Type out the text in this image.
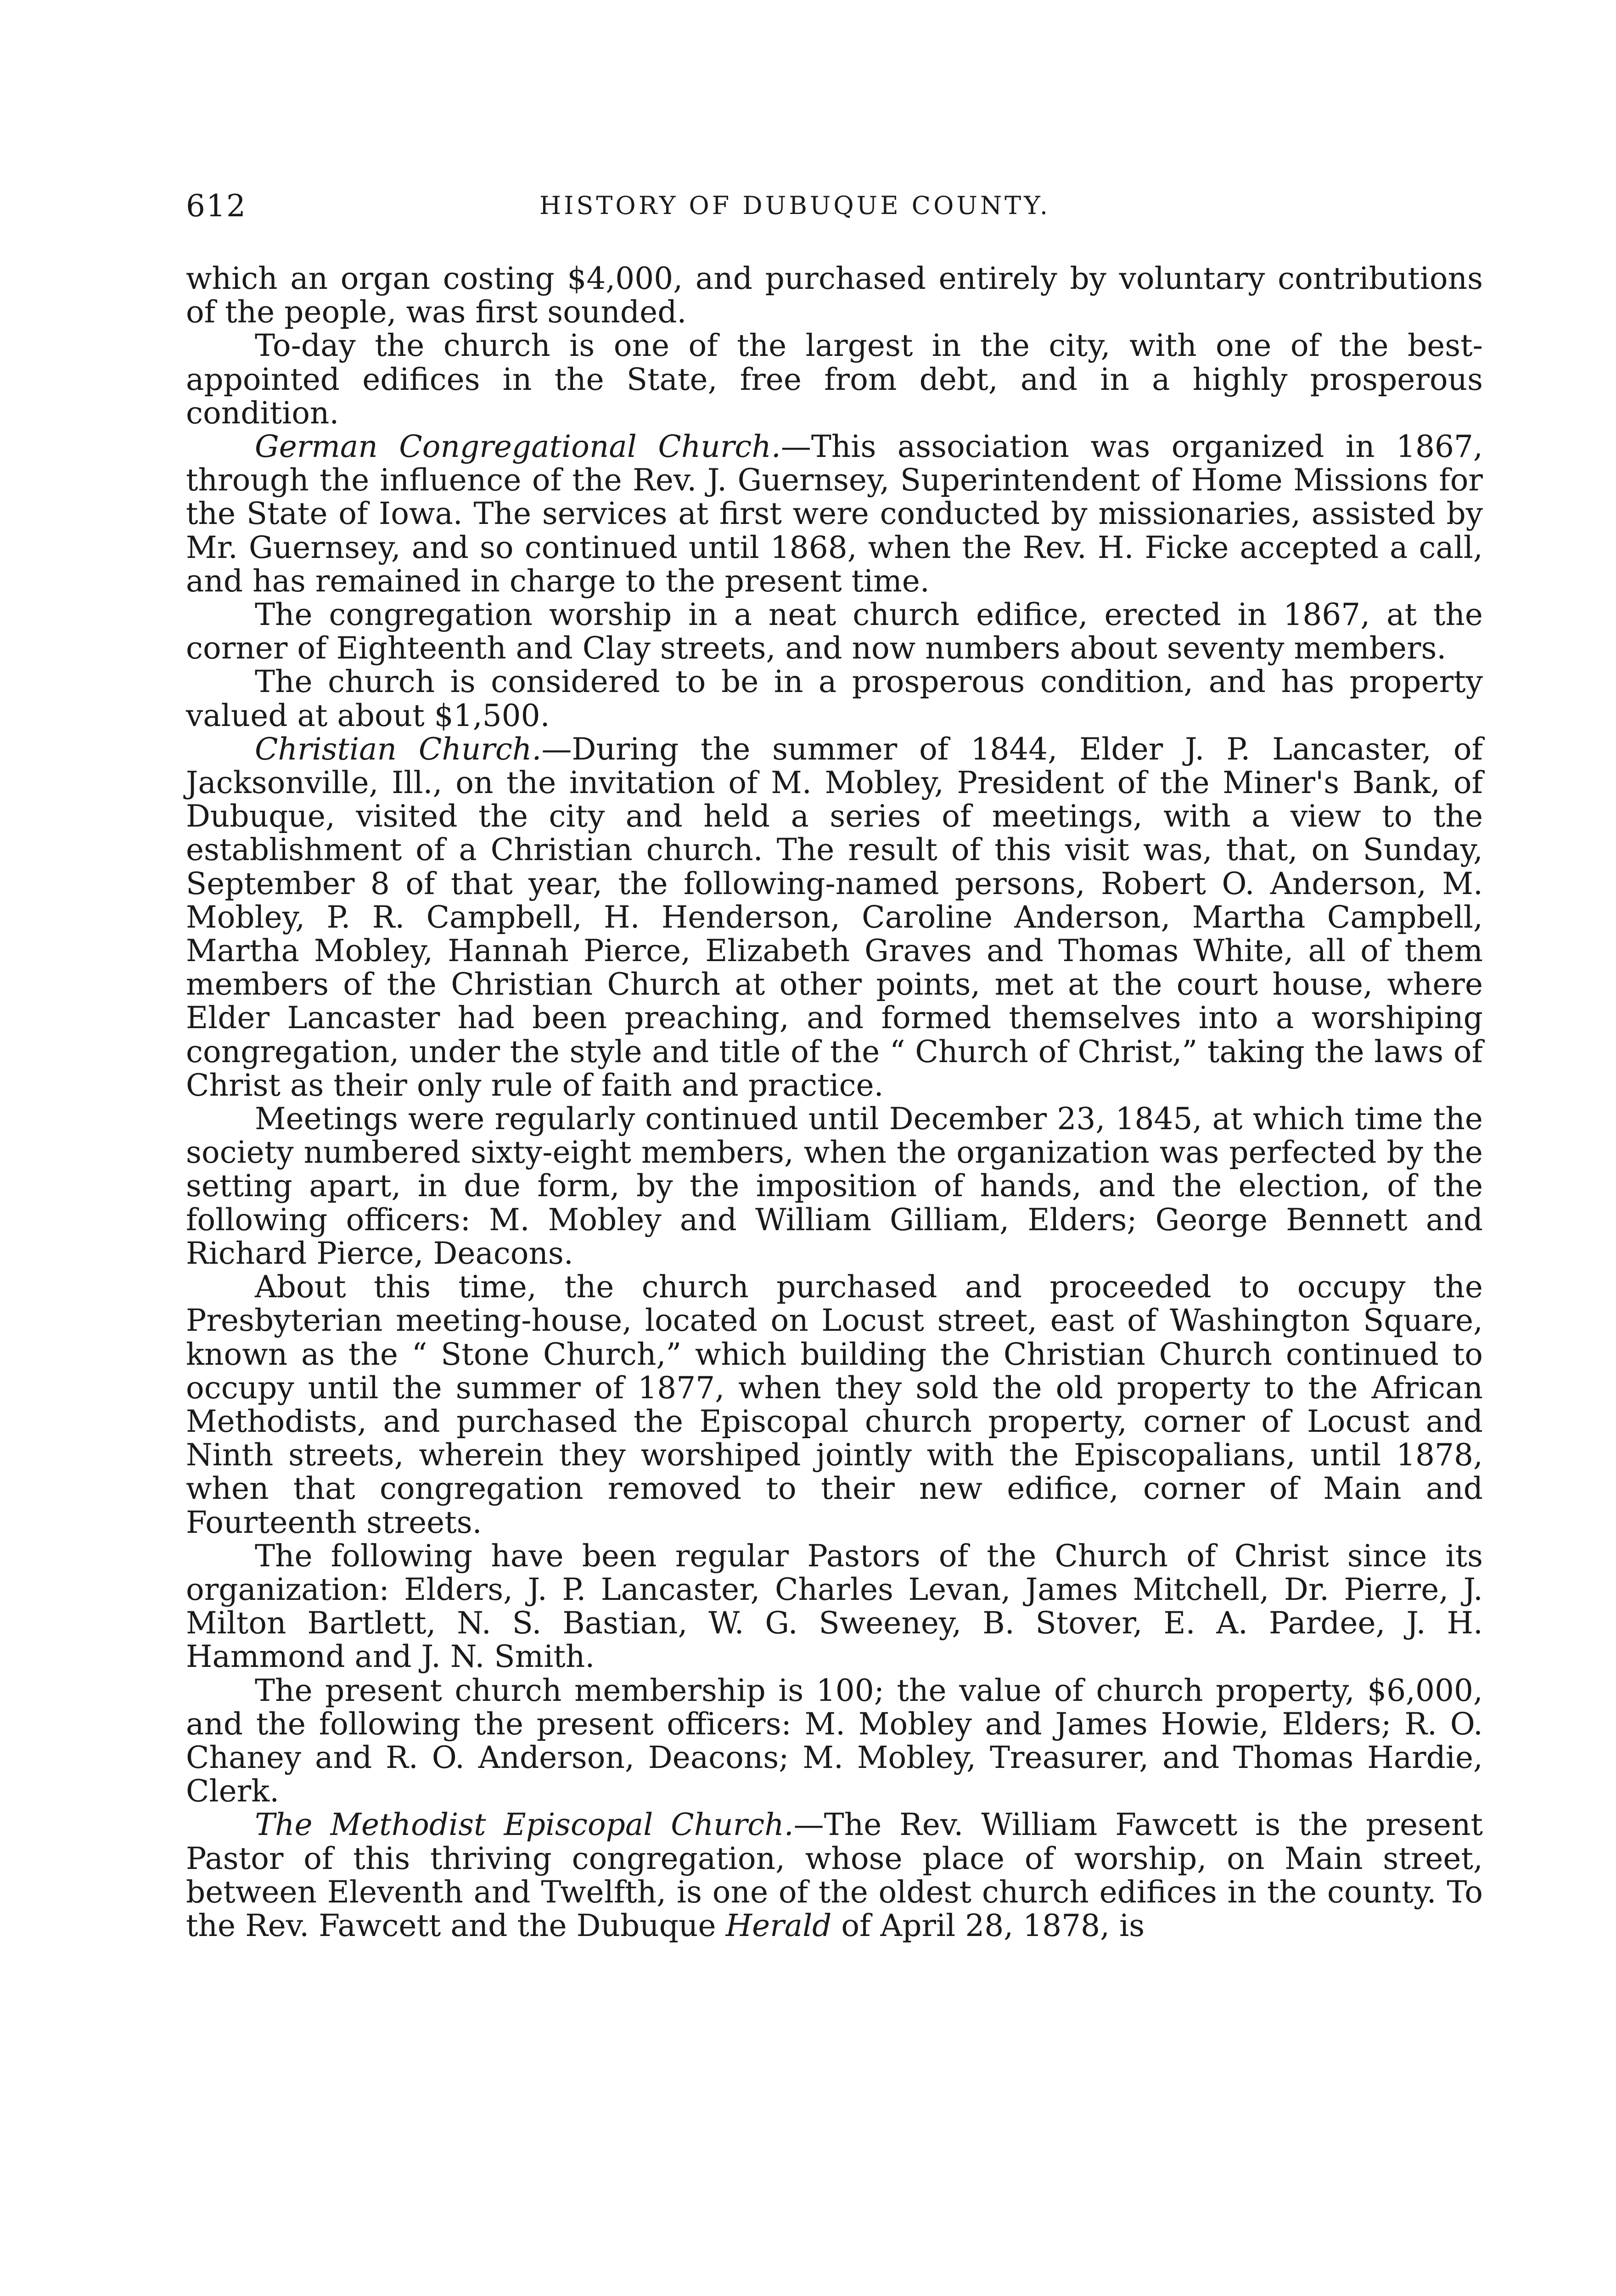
612	HISTORY OF DUBUQUE COUNTY.

which an organ costing $4,000, and purchased entirely by voluntary contributions of the people, was first sounded.

To-day the church is one of the largest in the city, with one of the best-appointed edifices in the State, free from debt, and in a highly prosperous condition.

German Congregational Church.—This association was organized in 1867, through the influence of the Rev. J. Guernsey, Superintendent of Home Missions for the State of Iowa. The services at first were conducted by missionaries, assisted by Mr. Guernsey, and so continued until 1868, when the Rev. H. Ficke accepted a call, and has remained in charge to the present time.

The congregation worship in a neat church edifice, erected in 1867, at the corner of Eighteenth and Clay streets, and now numbers about seventy members.

The church is considered to be in a prosperous condition, and has property valued at about $1,500.

Christian Church.—During the summer of 1844, Elder J. P. Lancaster, of Jacksonville, Ill., on the invitation of M. Mobley, President of the Miner's Bank, of Dubuque, visited the city and held a series of meetings, with a view to the establishment of a Christian church. The result of this visit was, that, on Sunday, September 8 of that year, the following-named persons, Robert O. Anderson, M. Mobley, P. R. Campbell, H. Henderson, Caroline Anderson, Martha Campbell, Martha Mobley, Hannah Pierce, Elizabeth Graves and Thomas White, all of them members of the Christian Church at other points, met at the court house, where Elder Lancaster had been preaching, and formed themselves into a worshiping congregation, under the style and title of the “ Church of Christ,” taking the laws of Christ as their only rule of faith and practice.

Meetings were regularly continued until December 23, 1845, at which time the society numbered sixty-eight members, when the organization was perfected by the setting apart, in due form, by the imposition of hands, and the election, of the following officers: M. Mobley and William Gilliam, Elders; George Bennett and Richard Pierce, Deacons.

About this time, the church purchased and proceeded to occupy the Presbyterian meeting-house, located on Locust street, east of Washington Square, known as the “ Stone Church,” which building the Christian Church continued to occupy until the summer of 1877, when they sold the old property to the African Methodists, and purchased the Episcopal church property, corner of Locust and Ninth streets, wherein they worshiped jointly with the Episcopalians, until 1878, when that congregation removed to their new edifice, corner of Main and Fourteenth streets.

The following have been regular Pastors of the Church of Christ since its organization: Elders, J. P. Lancaster, Charles Levan, James Mitchell, Dr. Pierre, J. Milton Bartlett, N. S. Bastian, W. G. Sweeney, B. Stover, E. A. Pardee, J. H. Hammond and J. N. Smith.

The present church membership is 100; the value of church property, $6,000, and the following the present officers: M. Mobley and James Howie, Elders; R. O. Chaney and R. O. Anderson, Deacons; M. Mobley, Treasurer, and Thomas Hardie, Clerk.

The Methodist Episcopal Church.—The Rev. William Fawcett is the present Pastor of this thriving congregation, whose place of worship, on Main street, between Eleventh and Twelfth, is one of the oldest church edifices in the county. To the Rev. Fawcett and the Dubuque Herald of April 28, 1878, is
